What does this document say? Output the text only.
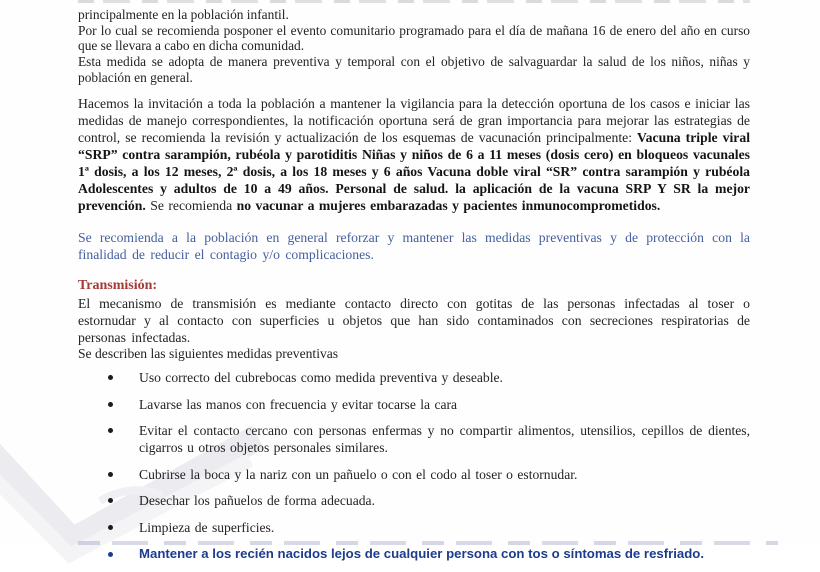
principalmente en la población infantil.

Por lo cual se recomienda posponer el evento comunitario programado para el día de mañana 16 de enero del año en curso que se llevara a cabo en dicha comunidad.

Esta medida se adopta de manera preventiva y temporal con el objetivo de salvaguardar la salud de los niños, niñas y población en general.

Hacemos la invitación a toda la población a mantener la vigilancia para la detección oportuna de los casos e iniciar las medidas de manejo correspondientes, la notificación oportuna será de gran importancia para mejorar las estrategias de control, se recomienda la revisión y actualización de los esquemas de vacunación principalmente: Vacuna triple viral “SRP” contra sarampión, rubéola y parotiditis Niñas y niños de 6 a 11 meses (dosis cero) en bloqueos vacunales 1ª dosis, a los 12 meses, 2ª dosis, a los 18 meses y 6 años Vacuna doble viral “SR” contra sarampión y rubéola Adolescentes y adultos de 10 a 49 años. Personal de salud. la aplicación de la vacuna SRP Y SR la mejor prevención. Se recomienda no vacunar a mujeres embarazadas y pacientes inmunocomprometidos.

Se recomienda a la población en general reforzar y mantener las medidas preventivas y de protección con la finalidad de reducir el contagio y/o complicaciones.

Transmisión:

El mecanismo de transmisión es mediante contacto directo con gotitas de las personas infectadas al toser o estornudar y al contacto con superficies u objetos que han sido contaminados con secreciones respiratorias de personas infectadas.

Se describen las siguientes medidas preventivas
Uso correcto del cubrebocas como medida preventiva y deseable.
Lavarse las manos con frecuencia y evitar tocarse la cara
Evitar el contacto cercano con personas enfermas y no compartir alimentos, utensilios, cepillos de dientes, cigarros u otros objetos personales similares.
Cubrirse la boca y la nariz con un pañuelo o con el codo al toser o estornudar.
Desechar los pañuelos de forma adecuada.
Limpieza de superficies.
Mantener a los recién nacidos lejos de cualquier persona con tos o síntomas de resfriado.
